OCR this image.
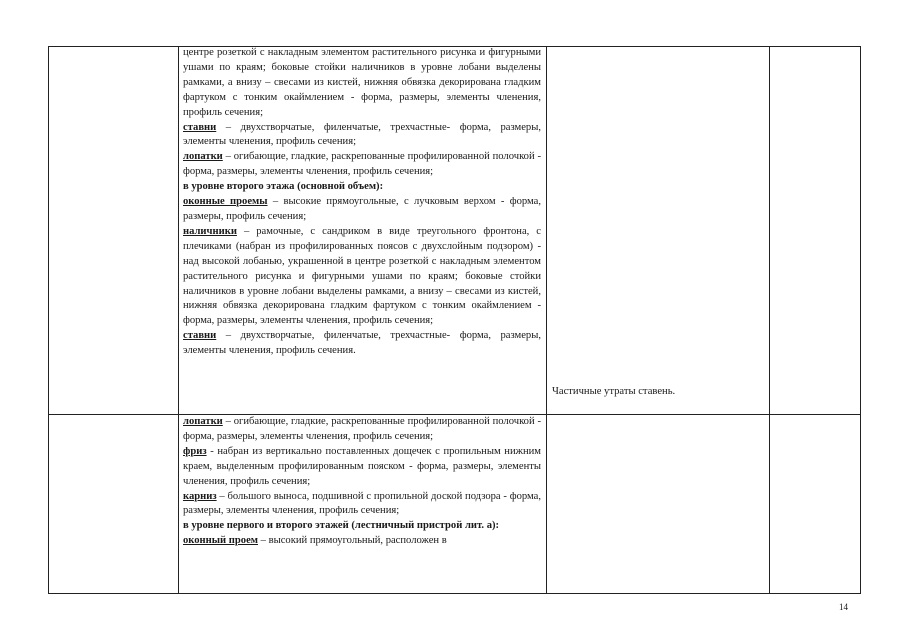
центре розеткой с накладным элементом растительного рисунка и фигурными ушами по краям; боковые стойки наличников в уровне лобани выделены рамками, а внизу – свесами из кистей, нижняя обвязка декорирована гладким фартуком с тонким окаймлением - форма, размеры, элементы членения, профиль сечения;

ставни – двухстворчатые, филенчатые, трехчастные- форма, размеры, элементы членения, профиль сечения;

лопатки – огибающие, гладкие, раскрепованные профилированной полочкой - форма, размеры, элементы членения, профиль сечения;

в уровне второго этажа (основной объем):

оконные проемы – высокие прямоугольные, с лучковым верхом - форма, размеры, профиль сечения;

наличники – рамочные, с сандриком в виде треугольного фронтона, с плечиками (набран из профилированных поясов с двухслойным подзором) - над высокой лобанью, украшенной в центре розеткой с накладным элементом растительного рисунка и фигурными ушами по краям; боковые стойки наличников в уровне лобани выделены рамками, а внизу – свесами из кистей, нижняя обвязка декорирована гладким фартуком с тонким окаймлением - форма, размеры, элементы членения, профиль сечения;

ставни – двухстворчатые, филенчатые, трехчастные- форма, размеры, элементы членения, профиль сечения.

Частичные утраты ставень.

лопатки – огибающие, гладкие, раскрепованные профилированной полочкой - форма, размеры, элементы членения, профиль сечения;

фриз - набран из вертикально поставленных дощечек с пропильным нижним краем, выделенным профилированным пояском - форма, размеры, элементы членения, профиль сечения;

карниз – большого выноса, подшивной с пропильной доской подзора - форма, размеры, элементы членения, профиль сечения;

в уровне первого и второго этажей (лестничный пристрой лит. а):

оконный проем – высокий прямоугольный, расположен в

14
